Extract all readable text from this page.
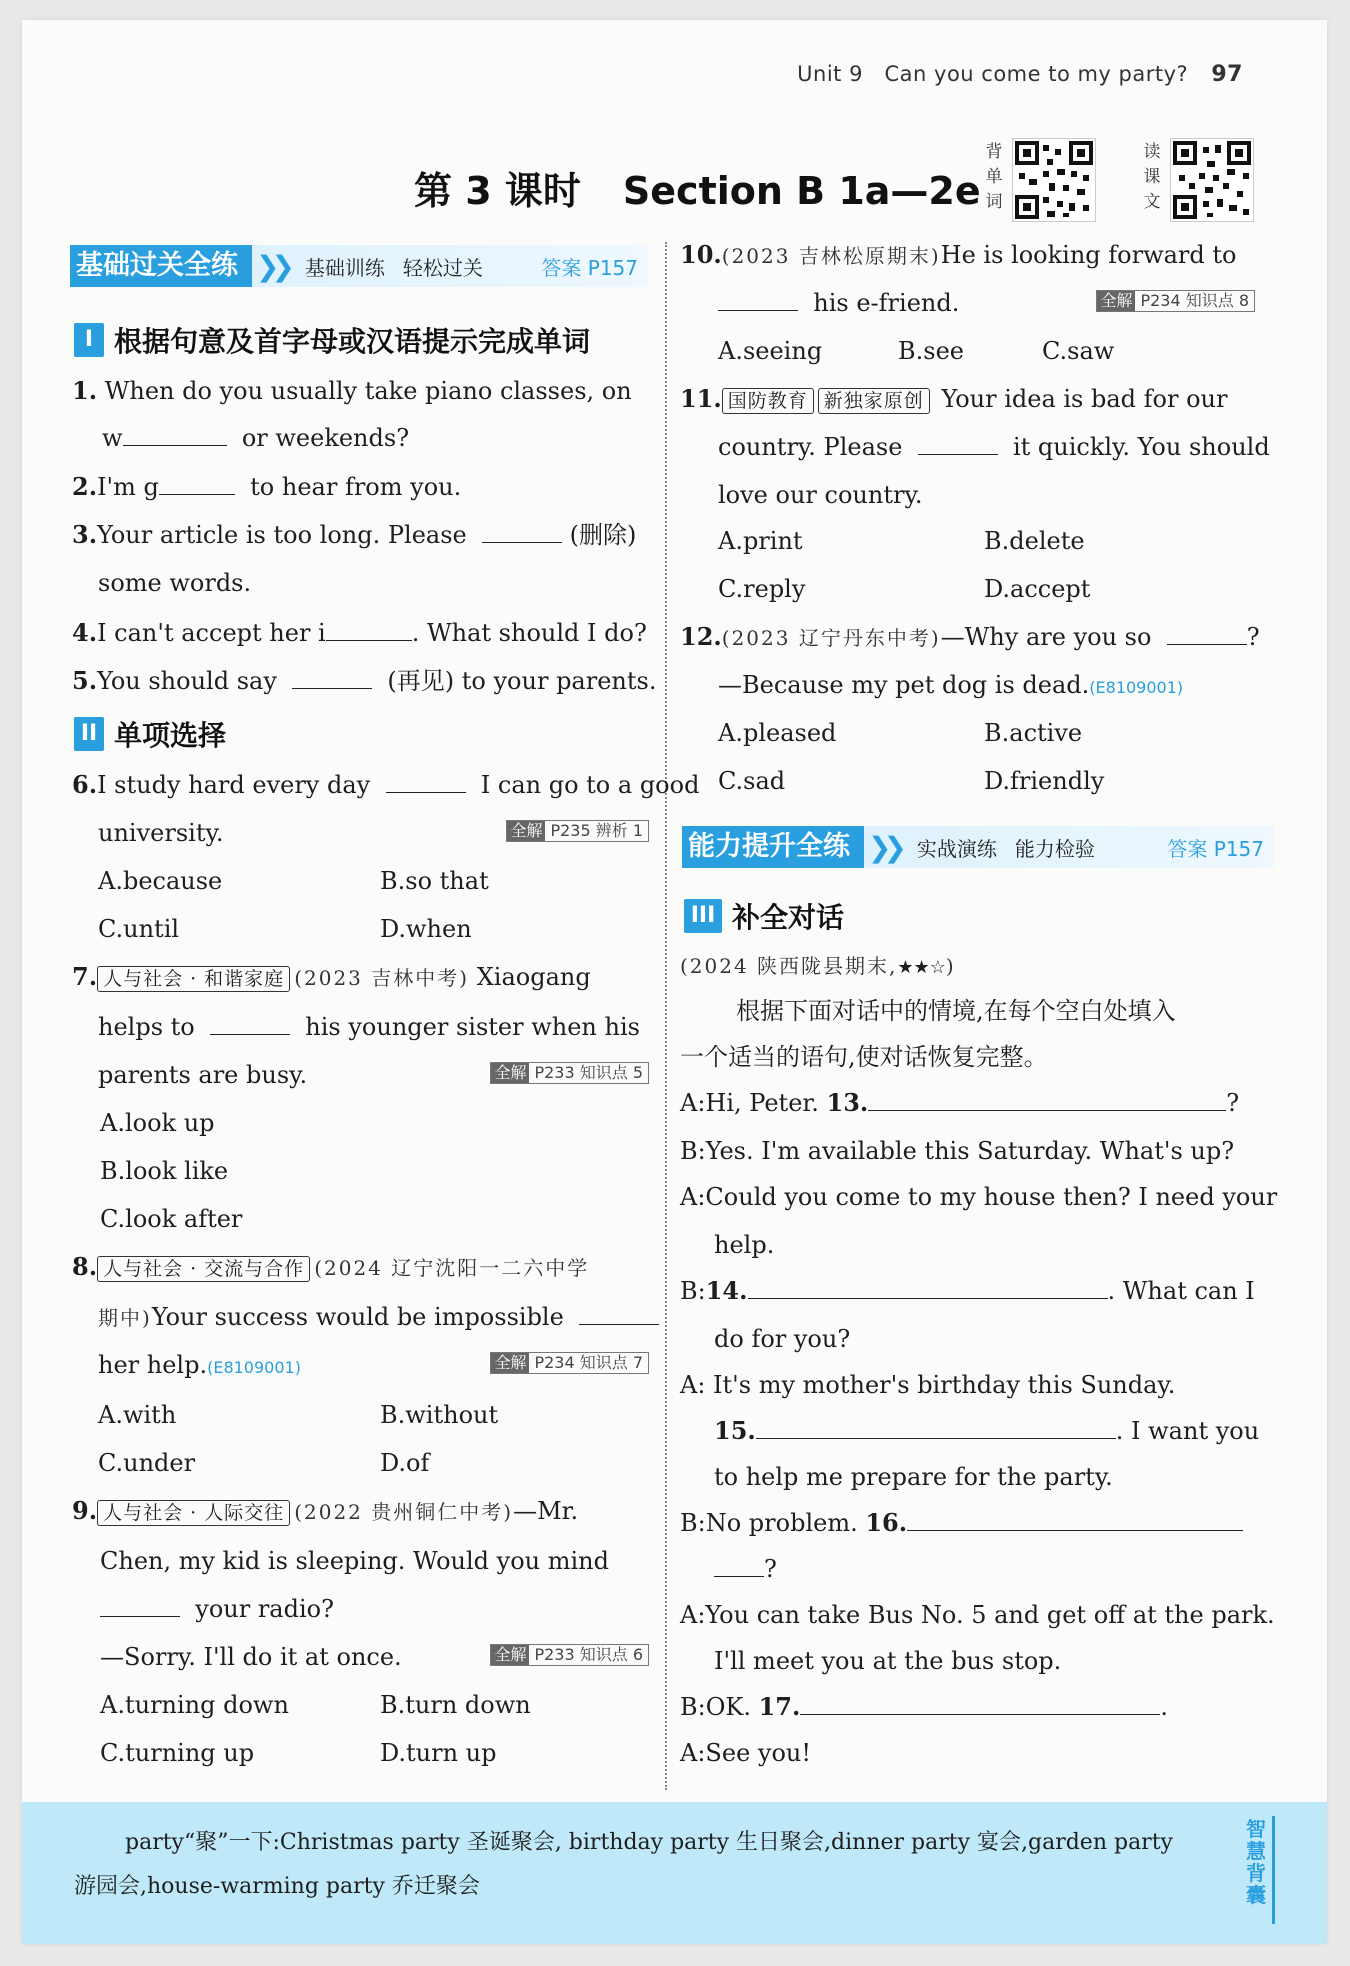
Unit 9 Can you come to my party? 97
第 3 课时 Section B 1a—2e
背
单
词
读
课
文
基础过关全练 ❯❯ 基础训练 轻松过关	答案 P157
I 根据句意及首字母或汉语提示完成单词
1. When do you usually take piano classes, on
w	or weekends?
2.I'm g	to hear from you.
3.Your article is too long. Please	(删除)
some words.
4.I can't accept her i	. What should I do?
5.You should say	(再见) to your parents.
II 单项选择
6.I study hard every day	I can go to a good
university.	全解 P235 辨析 1
A.because	B.so that
C.until	D.when
7. 人与社会 · 和谐家庭 (2023 吉林中考) Xiaogang
helps to	his younger sister when his
parents are busy.	全解 P233 知识点 5
A.look up
B.look like
C.look after
8. 人与社会 · 交流与合作 (2024 辽宁沈阳一二六中学
期中)Your success would be impossible
her help.(E8109001)	全解 P234 知识点 7
A.with	B.without
C.under	D.of
9. 人与社会 · 人际交往 (2022 贵州铜仁中考)—Mr.
Chen, my kid is sleeping. Would you mind
your radio?
—Sorry. I'll do it at once.	全解 P233 知识点 6
A.turning down	B.turn down
C.turning up	D.turn up
10.(2023 吉林松原期末)He is looking forward to
his e-friend.	全解 P234 知识点 8
A.seeing	B.see	C.saw
11. 国防教育 新独家原创 Your idea is bad for our
country. Please	it quickly. You should
love our country.
A.print	B.delete
C.reply	D.accept
12.(2023 辽宁丹东中考)—Why are you so	?
—Because my pet dog is dead.(E8109001)
A.pleased	B.active
C.sad	D.friendly
能力提升全练 ❯❯ 实战演练 能力检验	答案 P157
III 补全对话
(2024 陕西陇县期末,★★☆)
根据下面对话中的情境,在每个空白处填入
一个适当的语句,使对话恢复完整。
A:Hi, Peter. 13.	?
B:Yes. I'm available this Saturday. What's up?
A:Could you come to my house then? I need your
help.
B:14.	. What can I
do for you?
A: It's my mother's birthday this Sunday.
15.	. I want you
to help me prepare for the party.
B:No problem. 16.
?
A:You can take Bus No. 5 and get off at the park.
I'll meet you at the bus stop.
B:OK. 17.	.
A:See you!
party“聚”一下:Christmas party 圣诞聚会, birthday party 生日聚会,dinner party 宴会,garden party
游园会,house-warming party 乔迁聚会
智
慧
背
囊
